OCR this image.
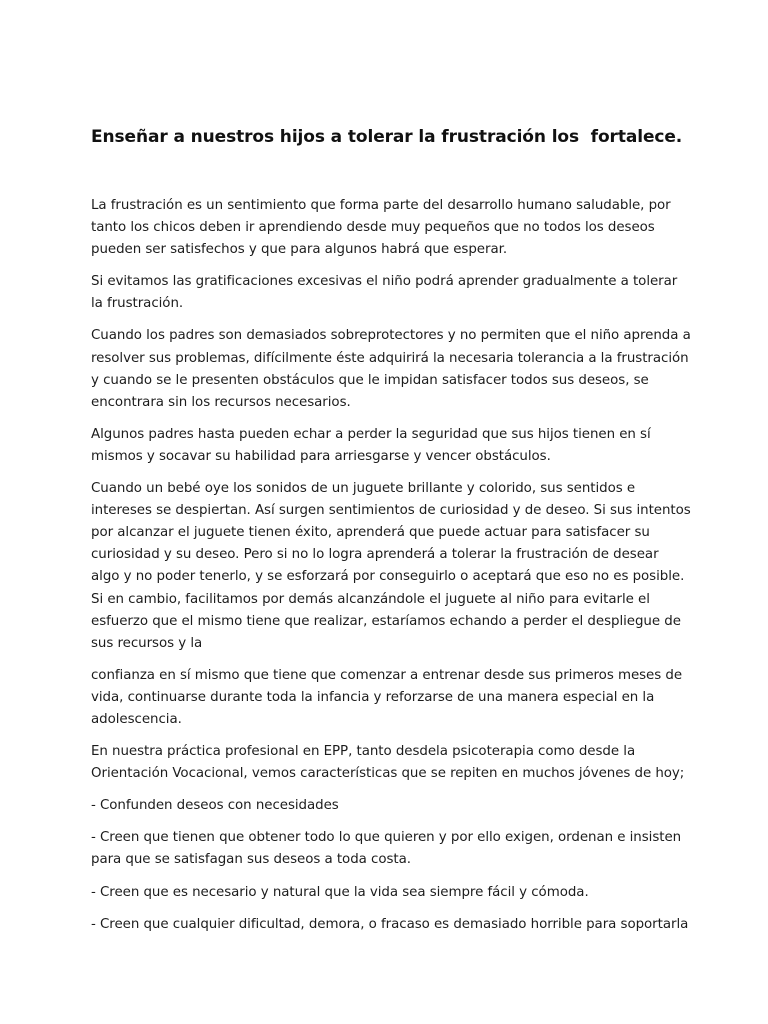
Enseñar a nuestros hijos a tolerar la frustración los  fortalece.

La frustración es un sentimiento que forma parte del desarrollo humano saludable, por tanto los chicos deben ir aprendiendo desde muy pequeños que no todos los deseos pueden ser satisfechos y que para algunos habrá que esperar.

Si evitamos las gratificaciones excesivas el niño podrá aprender gradualmente a tolerar la frustración.

Cuando los padres son demasiados sobreprotectores y no permiten que el niño aprenda a resolver sus problemas, difícilmente éste adquirirá la necesaria tolerancia a la frustración y cuando se le presenten obstáculos que le impidan satisfacer todos sus deseos, se encontrara sin los recursos necesarios.

Algunos padres hasta pueden echar a perder la seguridad que sus hijos tienen en sí mismos y socavar su habilidad para arriesgarse y vencer obstáculos.

Cuando un bebé oye los sonidos de un juguete brillante y colorido, sus sentidos e intereses se despiertan. Así surgen sentimientos de curiosidad y de deseo. Si sus intentos por alcanzar el juguete tienen éxito, aprenderá que puede actuar para satisfacer su curiosidad y su deseo. Pero si no lo logra aprenderá a tolerar la frustración de desear algo y no poder tenerlo, y se esforzará por conseguirlo o aceptará que eso no es posible. Si en cambio, facilitamos por demás alcanzándole el juguete al niño para evitarle el esfuerzo que el mismo tiene que realizar, estaríamos echando a perder el despliegue de sus recursos y la

confianza en sí mismo que tiene que comenzar a entrenar desde sus primeros meses de vida, continuarse durante toda la infancia y reforzarse de una manera especial en la adolescencia.

En nuestra práctica profesional en EPP, tanto desdela psicoterapia como desde la Orientación Vocacional, vemos características que se repiten en muchos jóvenes de hoy;

- Confunden deseos con necesidades

- Creen que tienen que obtener todo lo que quieren y por ello exigen, ordenan e insisten para que se satisfagan sus deseos a toda costa.

- Creen que es necesario y natural que la vida sea siempre fácil y cómoda.

- Creen que cualquier dificultad, demora, o fracaso es demasiado horrible para soportarla
